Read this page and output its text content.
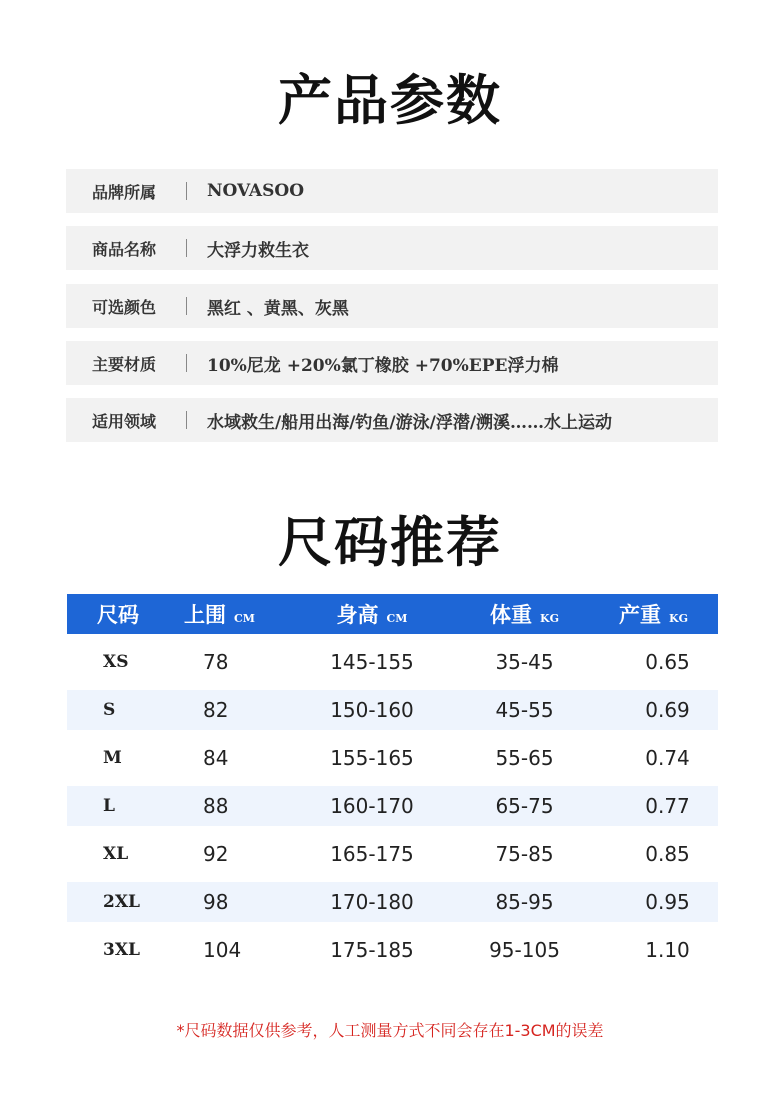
产品参数
品牌所属	NOVASOO
商品名称	大浮力救生衣
可选颜色	黑红 、黄黑、灰黑
主要材质	10%尼龙 +20%氯丁橡胶 +70%EPE浮力棉
适用领域	水域救生/船用出海/钓鱼/游泳/浮潜/溯溪……水上运动
尺码推荐
尺码	上围 CM	身高 CM	体重 KG	产重 KG
XS	78	145-155	35-45	0.65
S	82	150-160	45-55	0.69
M	84	155-165	55-65	0.74
L	88	160-170	65-75	0.77
XL	92	165-175	75-85	0.85
2XL	98	170-180	85-95	0.95
3XL	104	175-185	95-105	1.10

*尺码数据仅供参考，人工测量方式不同会存在1-3CM的误差
